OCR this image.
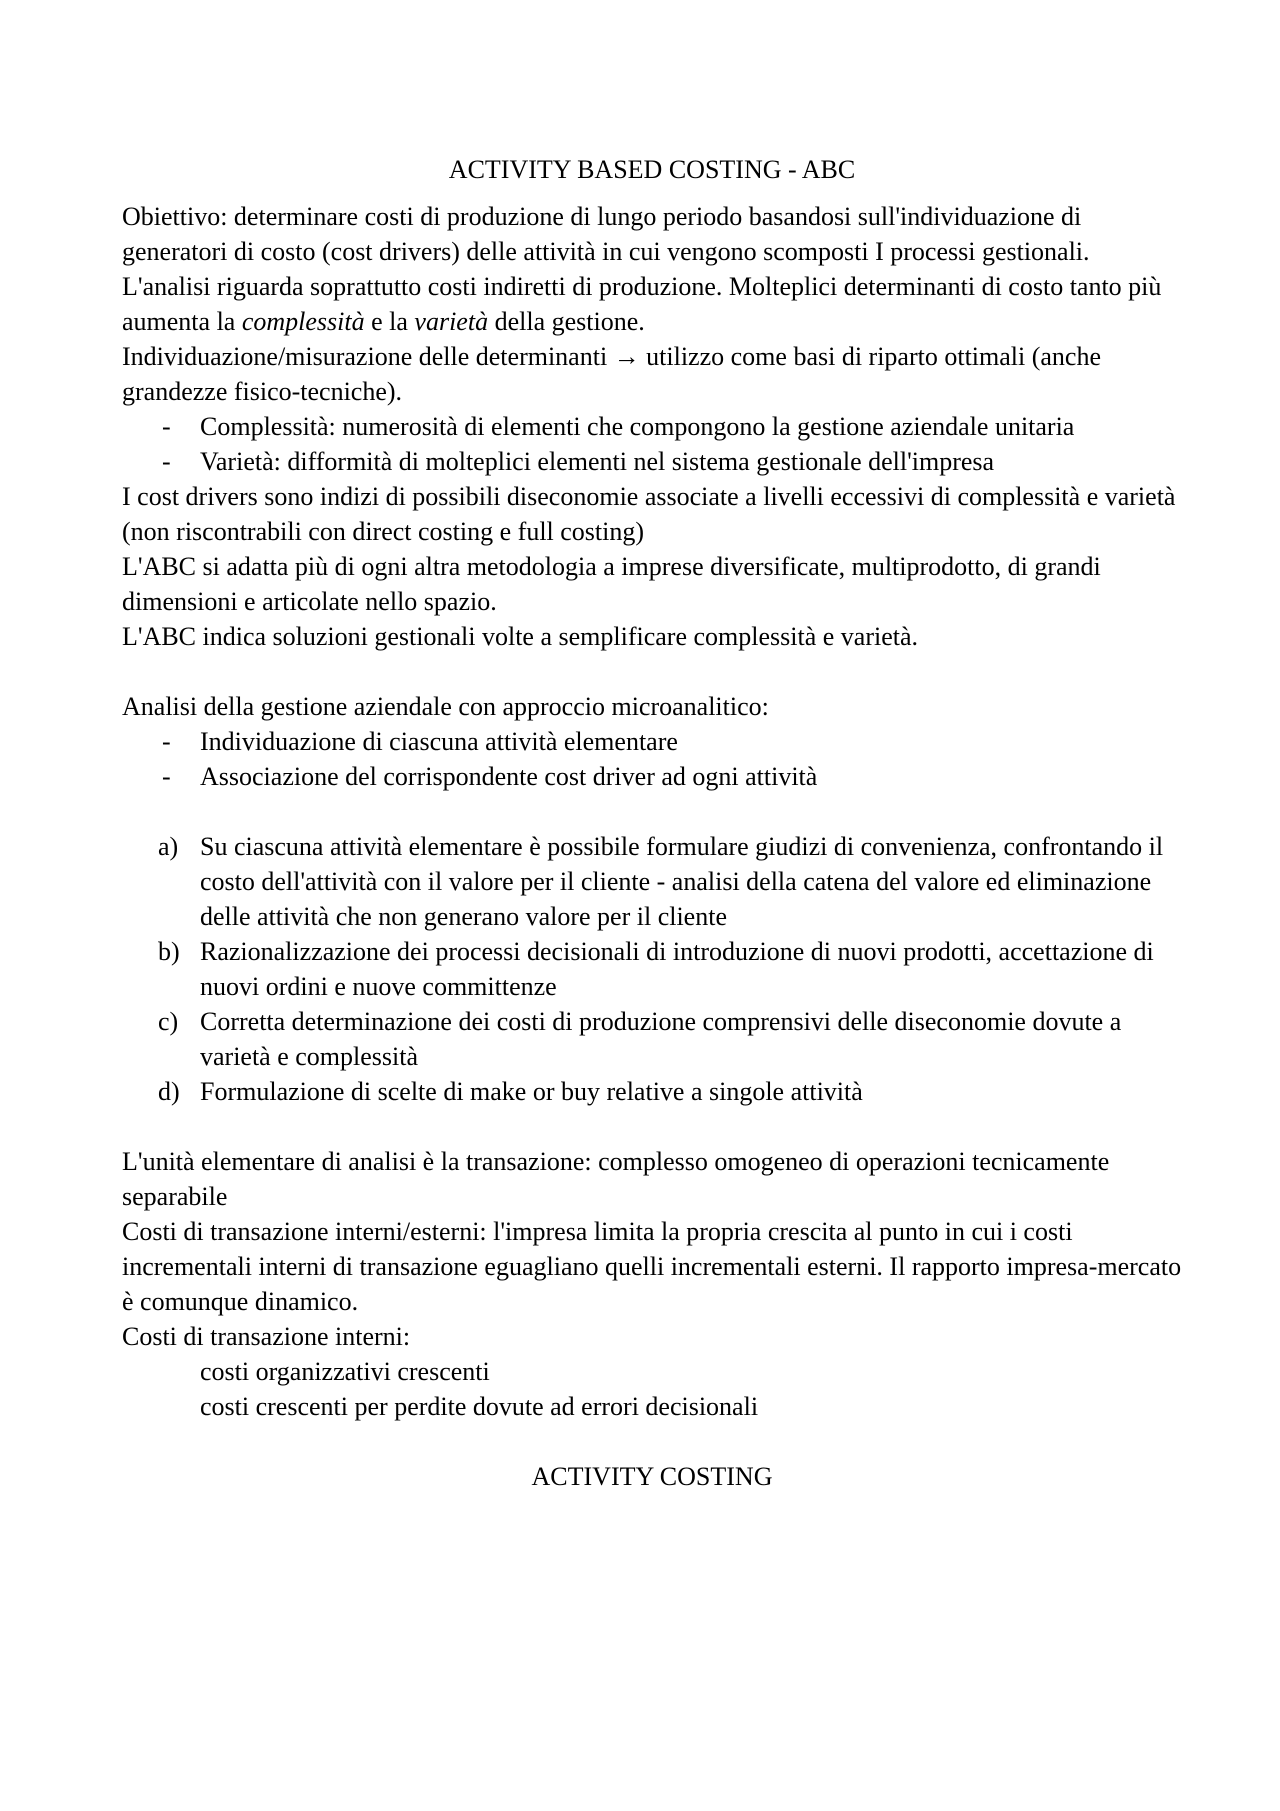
ACTIVITY BASED COSTING - ABC

Obiettivo: determinare costi di produzione di lungo periodo basandosi sull'individuazione di generatori di costo (cost drivers) delle attività in cui vengono scomposti I processi gestionali.

L'analisi riguarda soprattutto costi indiretti di produzione. Molteplici determinanti di costo tanto più aumenta la complessità e la varietà della gestione.

Individuazione/misurazione delle determinanti → utilizzo come basi di riparto ottimali (anche grandezze fisico-tecniche).

- Complessità: numerosità di elementi che compongono la gestione aziendale unitaria
- Varietà: difformità di molteplici elementi nel sistema gestionale dell'impresa

I cost drivers sono indizi di possibili diseconomie associate a livelli eccessivi di complessità e varietà (non riscontrabili con direct costing e full costing)

L'ABC si adatta più di ogni altra metodologia a imprese diversificate, multiprodotto, di grandi dimensioni e articolate nello spazio.

L'ABC indica soluzioni gestionali volte a semplificare complessità e varietà.

Analisi della gestione aziendale con approccio microanalitico:

- Individuazione di ciascuna attività elementare
- Associazione del corrispondente cost driver ad ogni attività
a) Su ciascuna attività elementare è possibile formulare giudizi di convenienza, confrontando il costo dell'attività con il valore per il cliente - analisi della catena del valore ed eliminazione delle attività che non generano valore per il cliente
b) Razionalizzazione dei processi decisionali di introduzione di nuovi prodotti, accettazione di nuovi ordini e nuove committenze
c) Corretta determinazione dei costi di produzione comprensivi delle diseconomie dovute a varietà e complessità
d) Formulazione di scelte di make or buy relative a singole attività

L'unità elementare di analisi è la transazione: complesso omogeneo di operazioni tecnicamente separabile

Costi di transazione interni/esterni: l'impresa limita la propria crescita al punto in cui i costi incrementali interni di transazione eguagliano quelli incrementali esterni. Il rapporto impresa-mercato è comunque dinamico.

Costi di transazione interni:

costi organizzativi crescenti

costi crescenti per perdite dovute ad errori decisionali

ACTIVITY COSTING
